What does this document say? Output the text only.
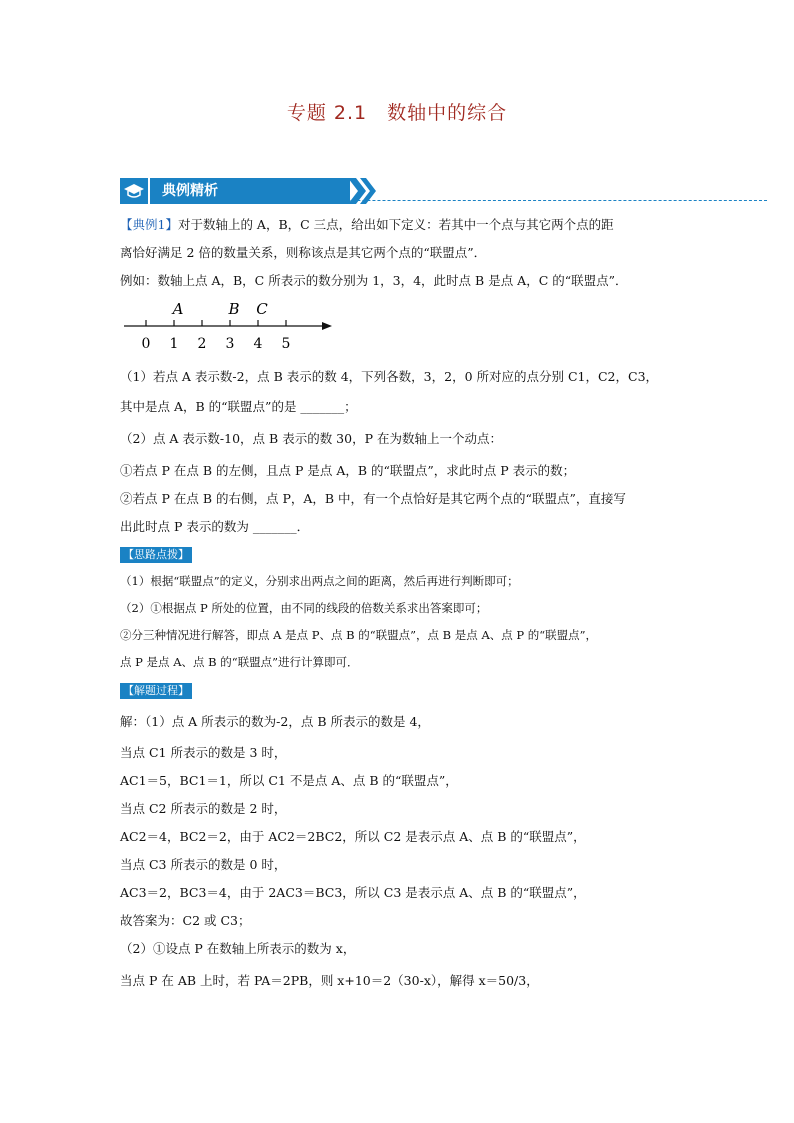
专题 2.1　数轴中的综合
典例精析
【典例1】对于数轴上的 A，B，C 三点，给出如下定义：若其中一个点与其它两个点的距
离恰好满足 2 倍的数量关系，则称该点是其它两个点的“联盟点”．
例如：数轴上点 A，B，C 所表示的数分别为 1，3，4，此时点 B 是点 A，C 的“联盟点”．
0 1 2 3 4 5
A	B C
（1）若点 A 表示数-2，点 B 表示的数 4，下列各数，3，2，0 所对应的点分别 C1，C2，C3，
其中是点 A，B 的“联盟点”的是 _______；
（2）点 A 表示数-10，点 B 表示的数 30，P 在为数轴上一个动点：
①若点 P 在点 B 的左侧，且点 P 是点 A，B 的“联盟点”，求此时点 P 表示的数；
②若点 P 在点 B 的右侧，点 P，A，B 中，有一个点恰好是其它两个点的“联盟点”，直接写
出此时点 P 表示的数为 _______．
【思路点拨】
（1）根据“联盟点”的定义，分别求出两点之间的距离，然后再进行判断即可；
（2）①根据点 P 所处的位置，由不同的线段的倍数关系求出答案即可；
②分三种情况进行解答，即点 A 是点 P、点 B 的“联盟点”，点 B 是点 A、点 P 的“联盟点”，
点 P 是点 A、点 B 的“联盟点”进行计算即可．
【解题过程】
解：（1）点 A 所表示的数为-2，点 B 所表示的数是 4，
当点 C1 所表示的数是 3 时，
AC1＝5，BC1＝1，所以 C1 不是点 A、点 B 的“联盟点”，
当点 C2 所表示的数是 2 时，
AC2＝4，BC2＝2，由于 AC2＝2BC2，所以 C2 是表示点 A、点 B 的“联盟点”，
当点 C3 所表示的数是 0 时，
AC3＝2，BC3＝4，由于 2AC3＝BC3，所以 C3 是表示点 A、点 B 的“联盟点”，
故答案为：C2 或 C3；
（2）①设点 P 在数轴上所表示的数为 x，
当点 P 在 AB 上时，若 PA＝2PB，则 x+10＝2（30-x），解得 x＝50/3，
